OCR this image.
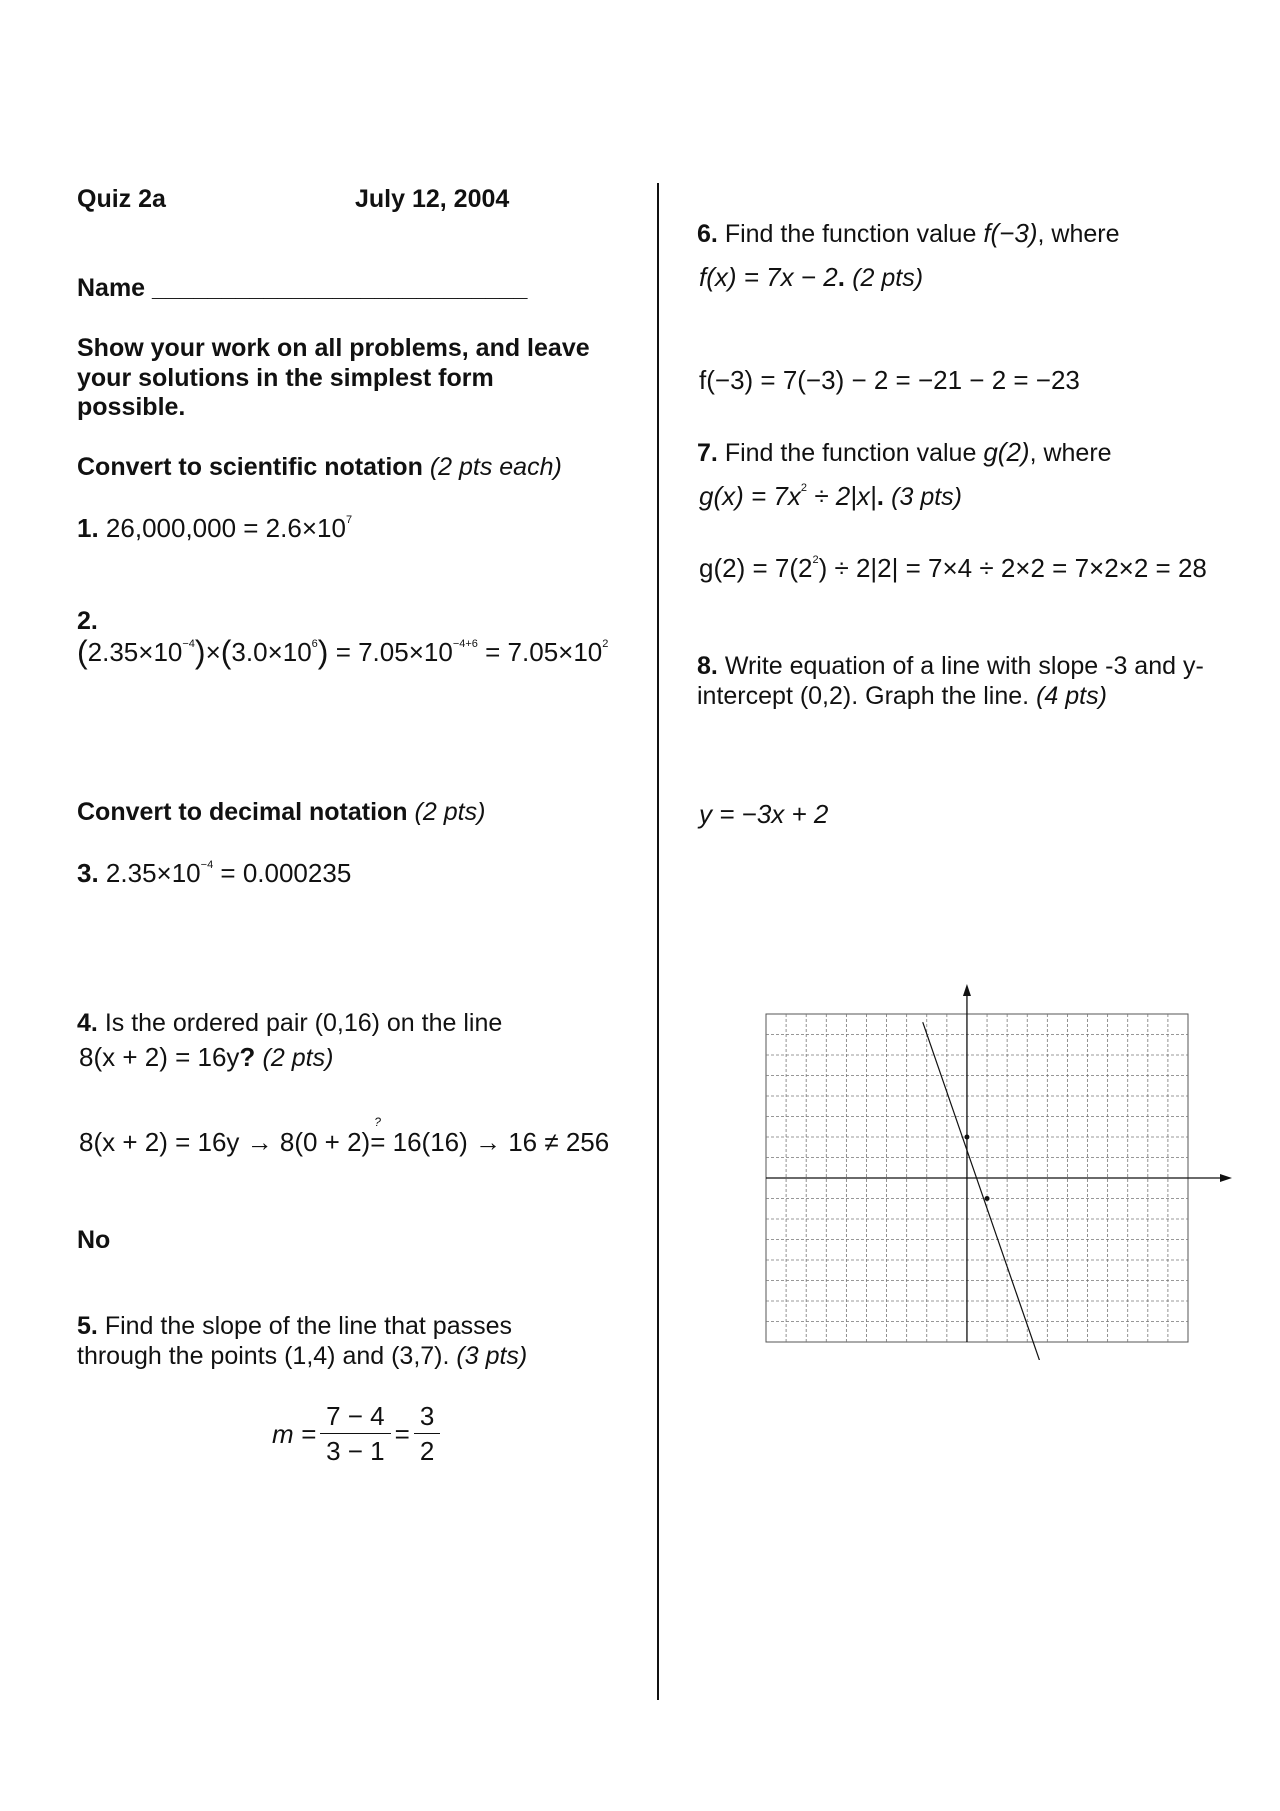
Quiz 2a	July 12, 2004
Name ___________________________
Show your work on all problems, and leave
your solutions in the simplest form
possible.
Convert to scientific notation (2 pts each)
1. $26,000,000 = 2.6\times 10^7$
2.
$(2.35\times 10^{-4})\times(3.0\times 10^6) = 7.05\times 10^{-4+6} = 7.05\times 10^2$
Convert to decimal notation (2 pts)
3. $2.35\times 10^{-4} = 0.000235$
4. Is the ordered pair (0,16) on the line
8(x + 2) = 16y? (2 pts)
8(x + 2) = 16y → 8(0 + 2)
?
= 16(16) → 16 ≠ 256
No
5. Find the slope of the line that passes
through the points (1,4) and (3,7). (3 pts)
$m = \frac{7 - 4}{3 - 1} = \frac{3}{2}$
6. Find the function value f(−3), where
f(x) = 7x − 2. (2 pts)
f(−3) = 7(−3) − 2 = −21 − 2 = −23
7. Find the function value g(2), where
$g(x) = 7x^2 \div 2|x|$. (3 pts)
$g(2) = 7(2^2) \div 2|2| = 7\times 4 \div 2\times 2 = 7\times 2\times 2 = 28$
8. Write equation of a line with slope -3 and y-
intercept (0,2). Graph the line. (4 pts)
y = −3x + 2
